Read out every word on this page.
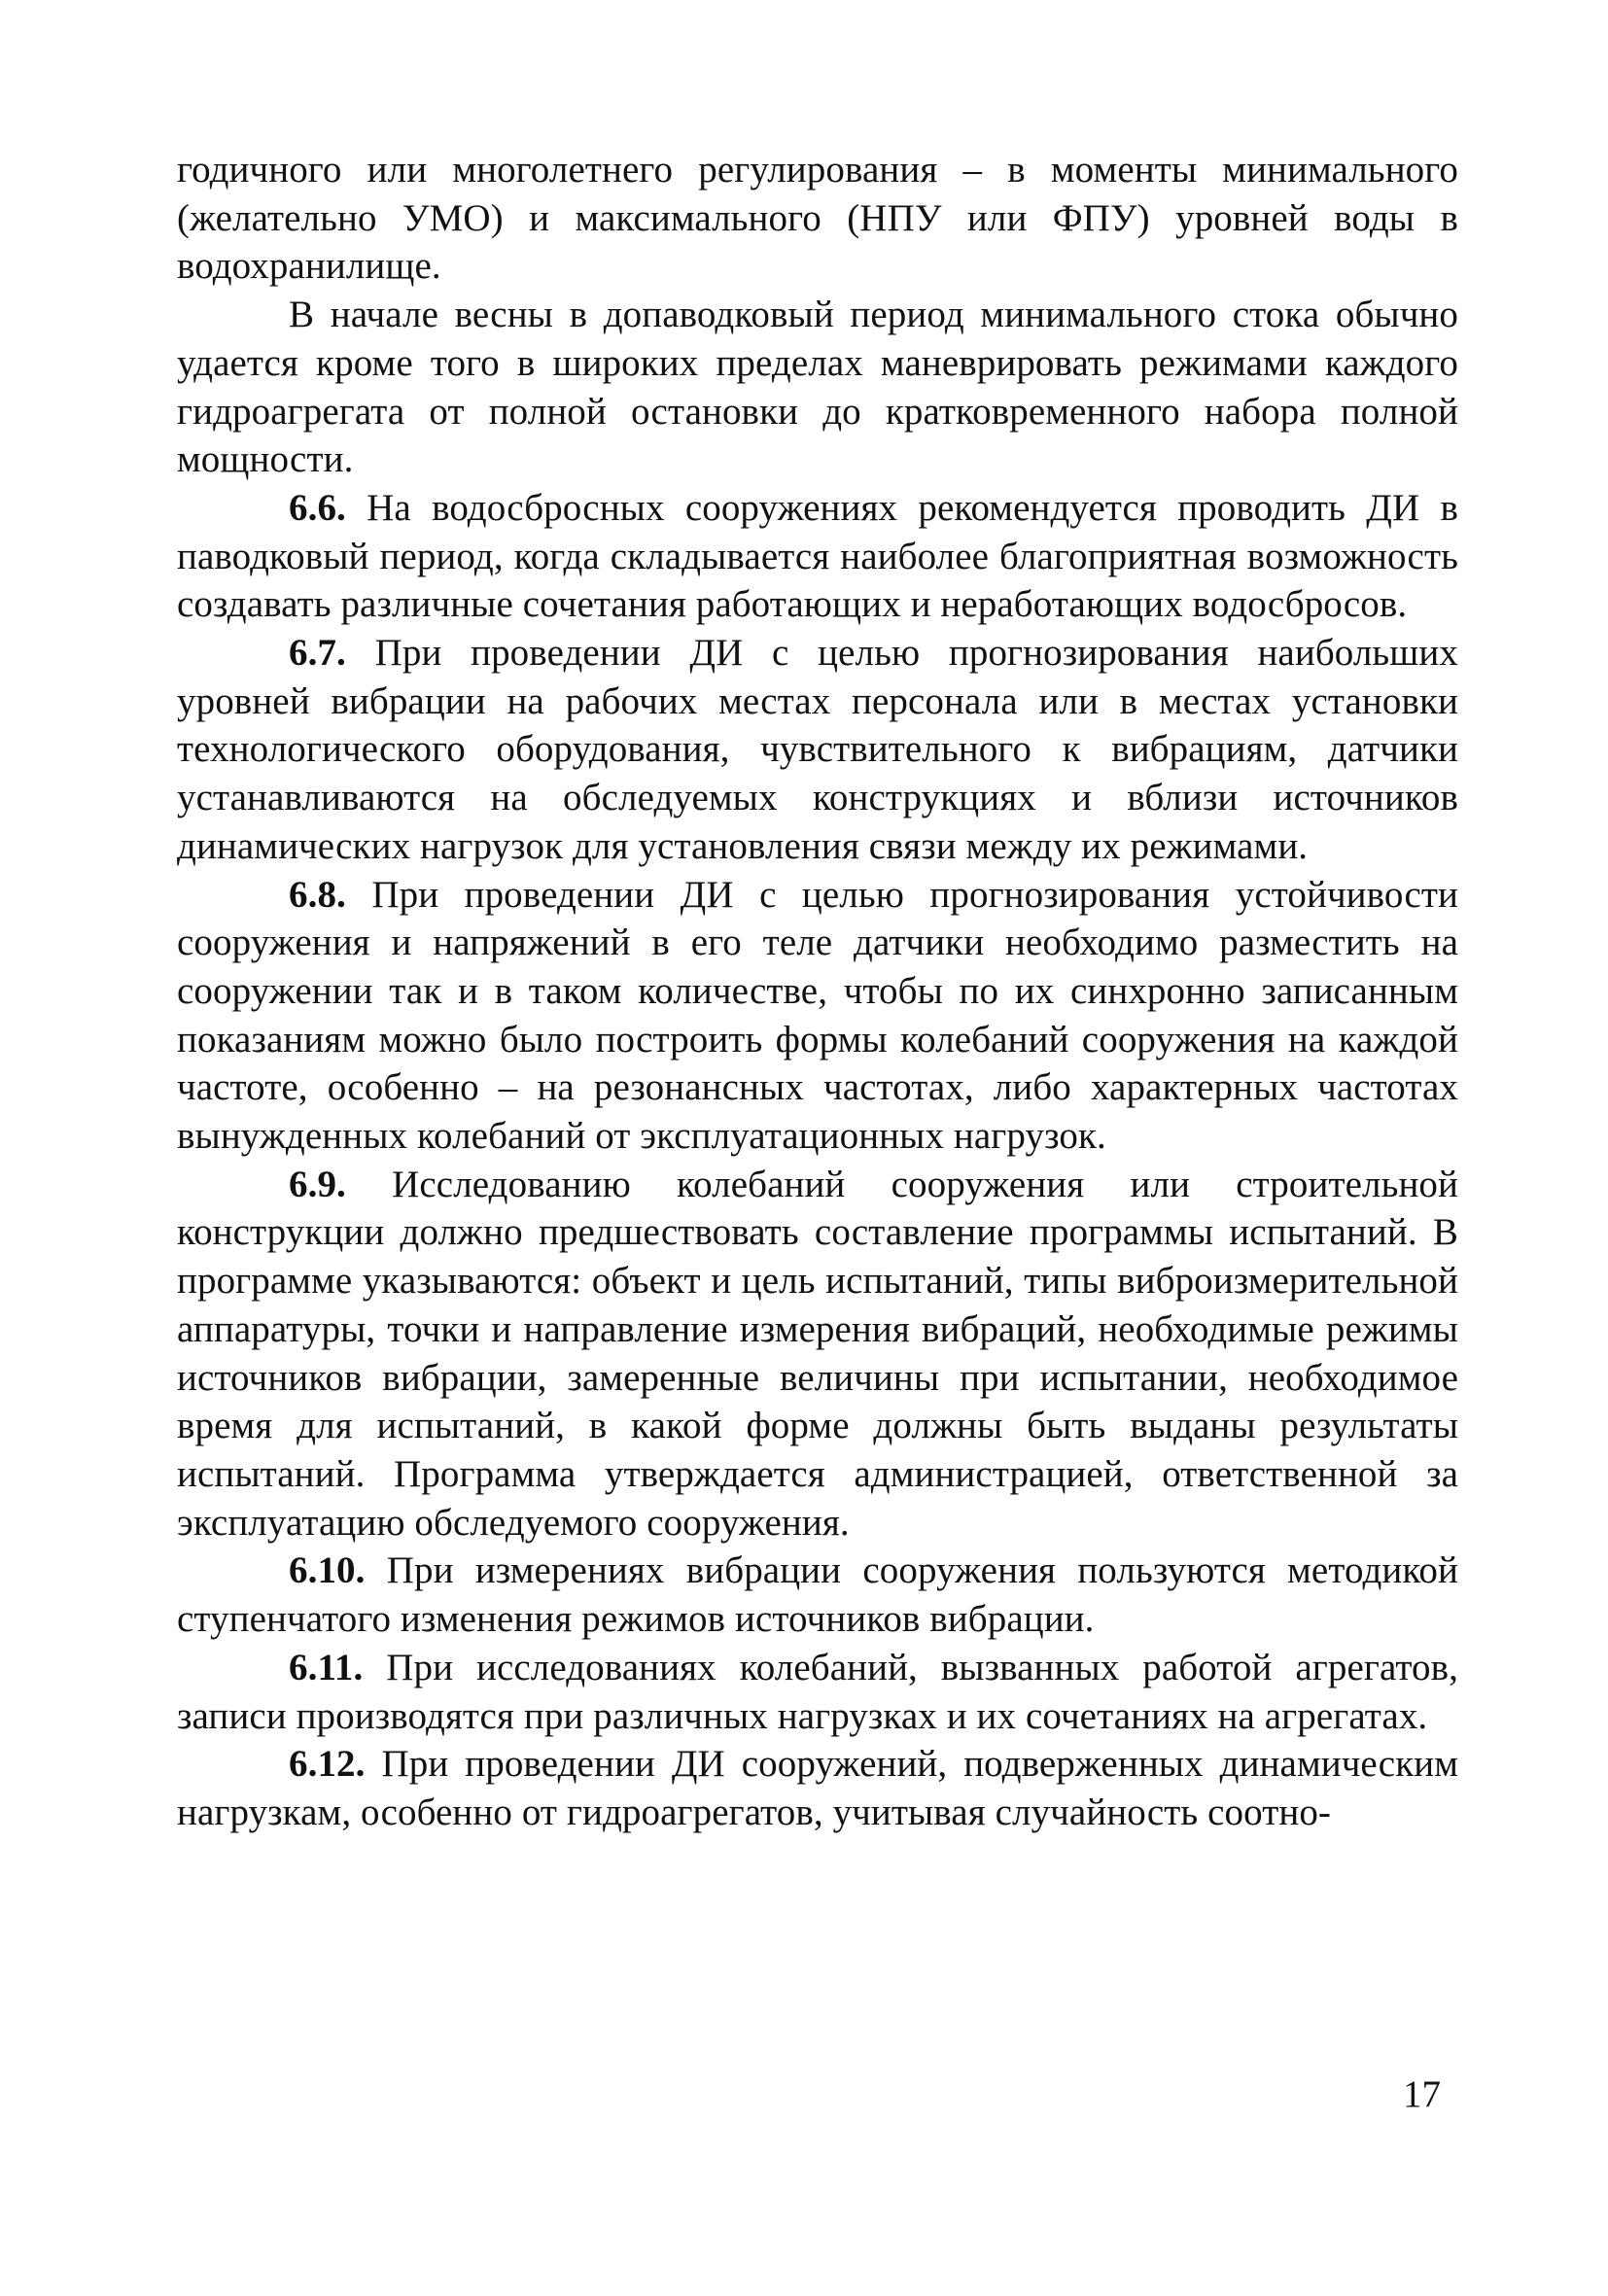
годичного или многолетнего регулирования – в моменты минимального (желательно УМО) и максимального (НПУ или ФПУ) уровней воды в водохранилище.

В начале весны в допаводковый период минимального стока обычно удается кроме того в широких пределах маневрировать режимами каждого гидроагрегата от полной остановки до кратковременного набора полной мощности.

6.6. На водосбросных сооружениях рекомендуется проводить ДИ в паводковый период, когда складывается наиболее благоприятная возможность создавать различные сочетания работающих и неработающих водосбросов.

6.7. При проведении ДИ с целью прогнозирования наибольших уровней вибрации на рабочих местах персонала или в местах установки технологического оборудования, чувствительного к вибрациям, датчики устанавливаются на обследуемых конструкциях и вблизи источников динамических нагрузок для установления связи между их режимами.

6.8. При проведении ДИ с целью прогнозирования устойчивости сооружения и напряжений в его теле датчики необходимо разместить на сооружении так и в таком количестве, чтобы по их синхронно записанным показаниям можно было построить формы колебаний сооружения на каждой частоте, особенно – на резонансных частотах, либо характерных частотах вынужденных колебаний от эксплуатационных нагрузок.

6.9. Исследованию колебаний сооружения или строительной конструкции должно предшествовать составление программы испытаний. В программе указываются: объект и цель испытаний, типы виброизмерительной аппаратуры, точки и направление измерения вибраций, необходимые режимы источников вибрации, замеренные величины при испытании, необходимое время для испытаний, в какой форме должны быть выданы результаты испытаний. Программа утверждается администрацией, ответственной за эксплуатацию обследуемого сооружения.

6.10. При измерениях вибрации сооружения пользуются методикой ступенчатого изменения режимов источников вибрации.

6.11. При исследованиях колебаний, вызванных работой агрегатов, записи производятся при различных нагрузках и их сочетаниях на агрегатах.

6.12. При проведении ДИ сооружений, подверженных динамическим нагрузкам, особенно от гидроагрегатов, учитывая случайность соотно-

17
